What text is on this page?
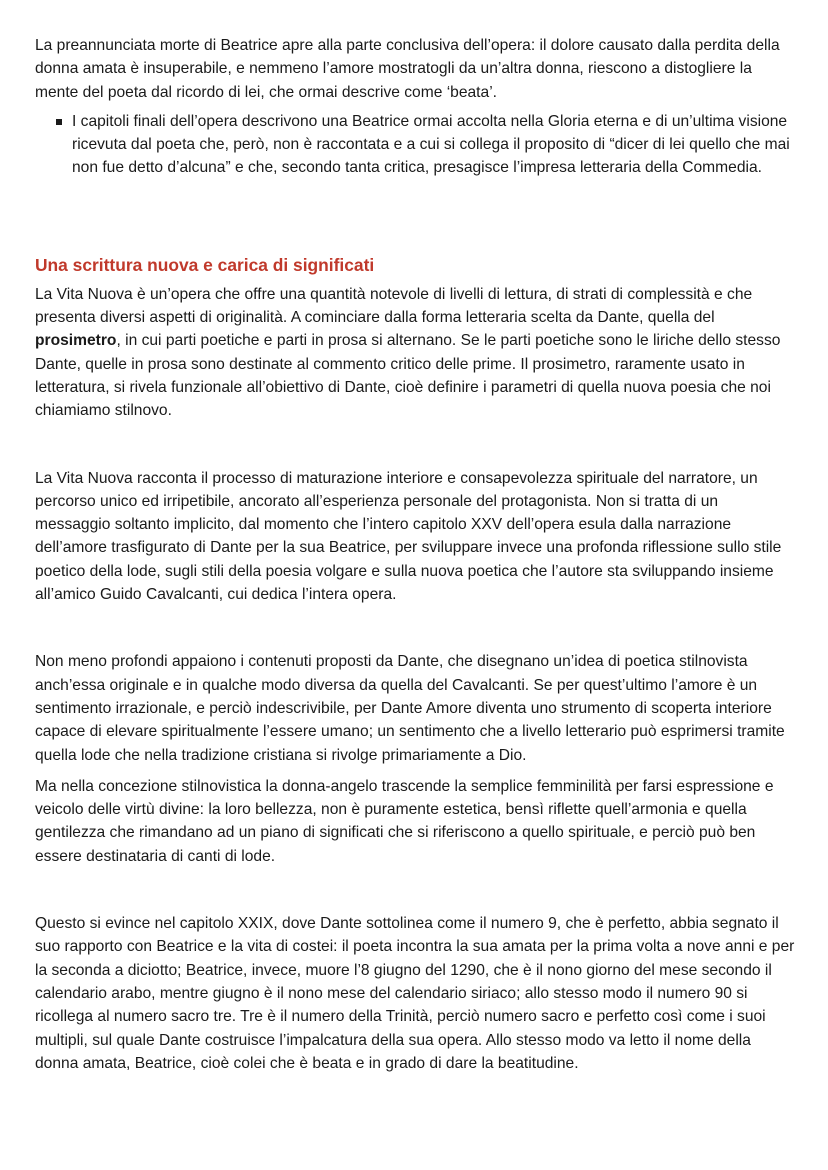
La preannunciata morte di Beatrice apre alla parte conclusiva dell’opera: il dolore causato dalla perdita della donna amata è insuperabile, e nemmeno l’amore mostratogli da un’altra donna, riescono a distogliere la mente del poeta dal ricordo di lei, che ormai descrive come ‘beata’.

I capitoli finali dell’opera descrivono una Beatrice ormai accolta nella Gloria eterna e di un’ultima visione ricevuta dal poeta che, però, non è raccontata e a cui si collega il proposito di “dicer di lei quello che mai non fue detto d’alcuna” e che, secondo tanta critica, presagisce l’impresa letteraria della Commedia.

Una scrittura nuova e carica di significati

La Vita Nuova è un’opera che offre una quantità notevole di livelli di lettura, di strati di complessità e che presenta diversi aspetti di originalità. A cominciare dalla forma letteraria scelta da Dante, quella del prosimetro, in cui parti poetiche e parti in prosa si alternano. Se le parti poetiche sono le liriche dello stesso Dante, quelle in prosa sono destinate al commento critico delle prime. Il prosimetro, raramente usato in letteratura, si rivela funzionale all’obiettivo di Dante, cioè definire i parametri di quella nuova poesia che noi chiamiamo stilnovo.

La Vita Nuova racconta il processo di maturazione interiore e consapevolezza spirituale del narratore, un percorso unico ed irripetibile, ancorato all’esperienza personale del protagonista. Non si tratta di un messaggio soltanto implicito, dal momento che l’intero capitolo XXV dell’opera esula dalla narrazione dell’amore trasfigurato di Dante per la sua Beatrice, per sviluppare invece una profonda riflessione sullo stile poetico della lode, sugli stili della poesia volgare e sulla nuova poetica che l’autore sta sviluppando insieme all’amico Guido Cavalcanti, cui dedica l’intera opera.

Non meno profondi appaiono i contenuti proposti da Dante, che disegnano un’idea di poetica stilnovista anch’essa originale e in qualche modo diversa da quella del Cavalcanti. Se per quest’ultimo l’amore è un sentimento irrazionale, e perciò indescrivibile, per Dante Amore diventa uno strumento di scoperta interiore capace di elevare spiritualmente l’essere umano; un sentimento che a livello letterario può esprimersi tramite quella lode che nella tradizione cristiana si rivolge primariamente a Dio.

Ma nella concezione stilnovistica la donna-angelo trascende la semplice femminilità per farsi espressione e veicolo delle virtù divine: la loro bellezza, non è puramente estetica, bensì riflette quell’armonia e quella gentilezza che rimandano ad un piano di significati che si riferiscono a quello spirituale, e perciò può ben essere destinataria di canti di lode.

Questo si evince nel capitolo XXIX, dove Dante sottolinea come il numero 9, che è perfetto, abbia segnato il suo rapporto con Beatrice e la vita di costei: il poeta incontra la sua amata per la prima volta a nove anni e per la seconda a diciotto; Beatrice, invece, muore l’8 giugno del 1290, che è il nono giorno del mese secondo il calendario arabo, mentre giugno è il nono mese del calendario siriaco; allo stesso modo il numero 90 si ricollega al numero sacro tre. Tre è il numero della Trinità, perciò numero sacro e perfetto così come i suoi multipli, sul quale Dante costruisce l’impalcatura della sua opera. Allo stesso modo va letto il nome della donna amata, Beatrice, cioè colei che è beata e in grado di dare la beatitudine.
